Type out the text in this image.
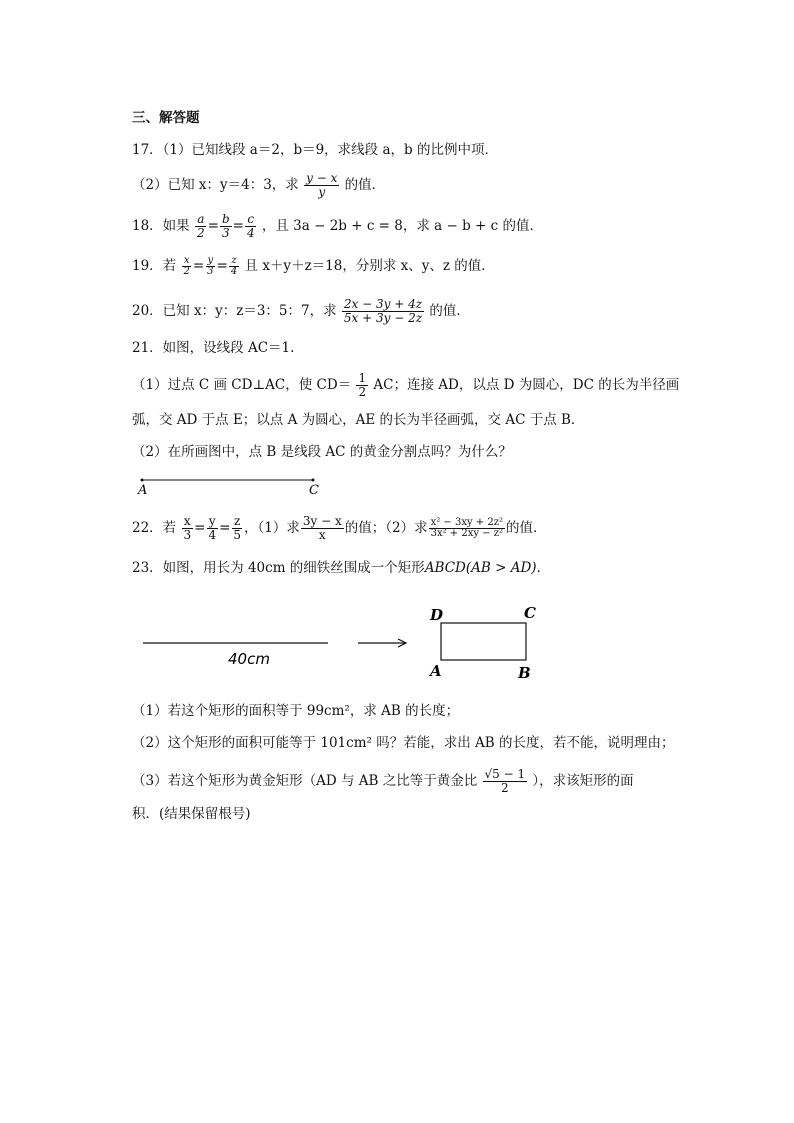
三、解答题
17．（1）已知线段 a＝2，b＝9，求线段 a，b 的比例中项．
（2）已知 x：y＝4：3，求 $\frac{y - x}{y}$ 的值．
18．如果 $\frac{a}{2} = \frac{b}{3} = \frac{c}{4}$ ，且 3a − 2b + c = 8，求 a − b + c 的值．
19．若 $\frac{x}{2} = \frac{y}{3} = \frac{z}{4}$ 且 x＋y＋z＝18，分别求 x、y、z 的值．
20．已知 x：y：z＝3：5：7，求 $\frac{2x - 3y + 4z}{5x + 3y - 2z}$ 的值．
21．如图，设线段 AC＝1.
（1）过点 C 画 CD⊥AC，使 $CD= \frac{1}{2}$ AC；连接 AD，以点 D 为圆心，DC 的长为半径画
弧，交 AD 于点 E；以点 A 为圆心，AE 的长为半径画弧，交 AC 于点 B．
（2）在所画图中，点 B 是线段 AC 的黄金分割点吗？为什么？
A	C
22．若 $\frac{x}{3} = \frac{y}{4} = \frac{z}{5}$ ，（1）求 $\frac{3y - x}{x}$ 的值；（2）求 $\frac{\text{x² − 3xy + 2z²}}{\text{3x² + 2xy − z²}}$ 的值．
23．如图，用长为 40cm 的细铁丝围成一个矩形ABCD(AB > AD)．
40cm
D	C
A	B
（1）若这个矩形的面积等于 99cm²，求 AB 的长度；
（2）这个矩形的面积可能等于 101cm² 吗？若能，求出 AB 的长度，若不能，说明理由；
（3）若这个矩形为黄金矩形（AD 与 AB 之比等于黄金比 $\frac{√5 - 1}{2}$ ），求该矩形的面
积．(结果保留根号)
